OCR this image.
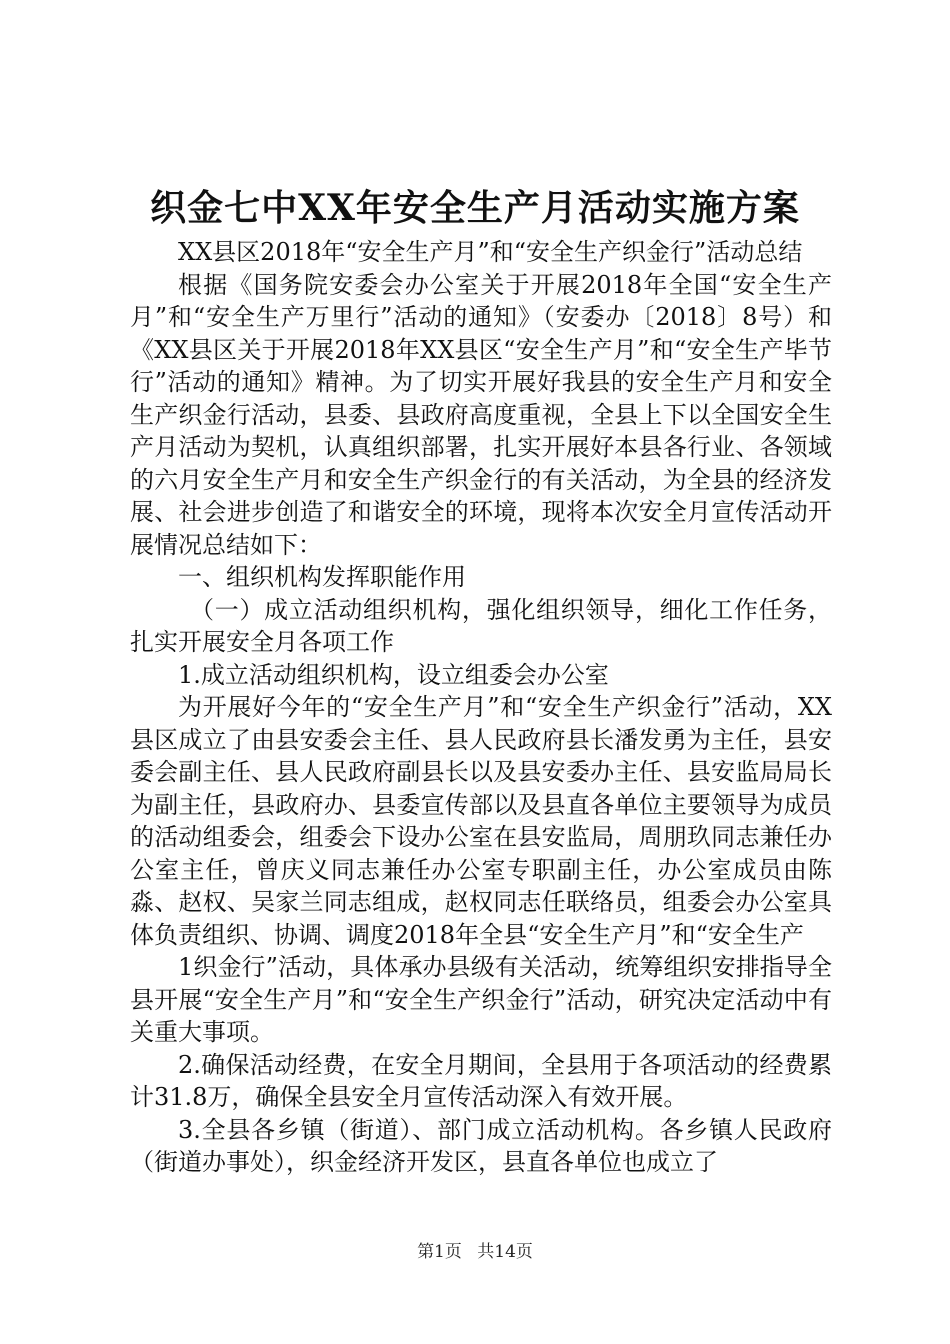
织金七中XX年安全生产月活动实施方案

XX县区2018年“安全生产月”和“安全生产织金行”活动总结

根据《国务院安委会办公室关于开展2018年全国“安全生产月”和“安全生产万里行”活动的通知》（安委办〔2018〕8号）和《XX县区关于开展2018年XX县区“安全生产月”和“安全生产毕节行”活动的通知》精神。为了切实开展好我县的安全生产月和安全生产织金行活动，县委、县政府高度重视，全县上下以全国安全生产月活动为契机，认真组织部署，扎实开展好本县各行业、各领域的六月安全生产月和安全生产织金行的有关活动，为全县的经济发展、社会进步创造了和谐安全的环境，现将本次安全月宣传活动开展情况总结如下：

一、组织机构发挥职能作用

（一）成立活动组织机构，强化组织领导，细化工作任务，扎实开展安全月各项工作

1.成立活动组织机构，设立组委会办公室

为开展好今年的“安全生产月”和“安全生产织金行”活动，XX县区成立了由县安委会主任、县人民政府县长潘发勇为主任，县安委会副主任、县人民政府副县长以及县安委办主任、县安监局局长为副主任，县政府办、县委宣传部以及县直各单位主要领导为成员的活动组委会，组委会下设办公室在县安监局，周朋玖同志兼任办公室主任，曾庆义同志兼任办公室专职副主任，办公室成员由陈淼、赵权、吴家兰同志组成，赵权同志任联络员，组委会办公室具体负责组织、协调、调度2018年全县“安全生产月”和“安全生产

1织金行”活动，具体承办县级有关活动，统筹组织安排指导全县开展“安全生产月”和“安全生产织金行”活动，研究决定活动中有关重大事项。

2.确保活动经费，在安全月期间，全县用于各项活动的经费累计31.8万，确保全县安全月宣传活动深入有效开展。

3.全县各乡镇（街道）、部门成立活动机构。各乡镇人民政府（街道办事处），织金经济开发区，县直各单位也成立了

第1页 共14页
